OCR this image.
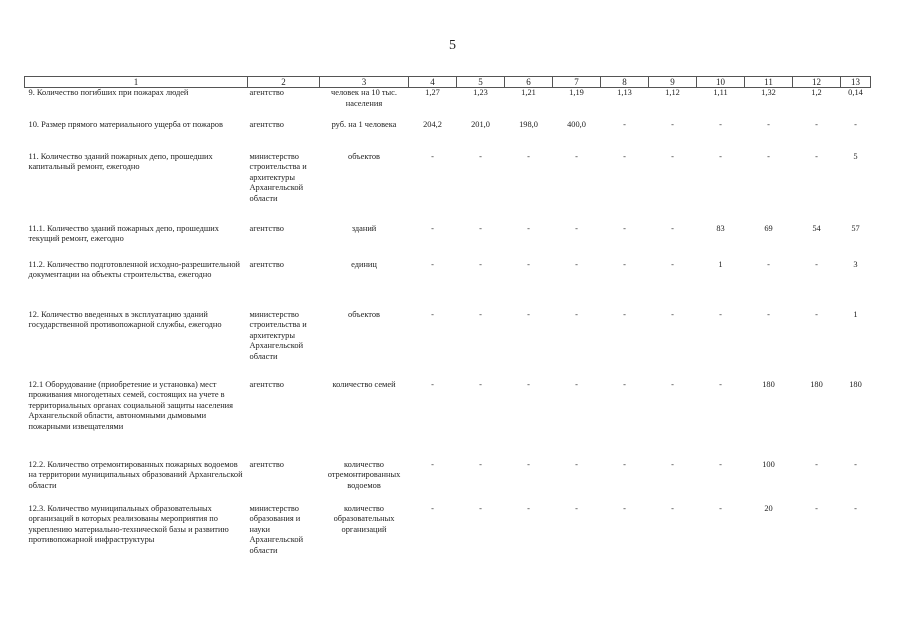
5
1	2	3	4	5	6	7	8	9	10	11	12	13
9. Количество погибших при пожарах людей	агентство	человек на 10 тыс. населения	1,27	1,23	1,21	1,19	1,13	1,12	1,11	1,32	1,2	0,14
10. Размер прямого материального ущерба от пожаров	агентство	руб. на 1 человека	204,2	201,0	198,0	400,0	-	-	-	-	-	-
11. Количество зданий пожарных депо, прошедших капитальный ремонт, ежегодно	министерство строительства и архитектуры Архангельской области	объектов	-	-	-	-	-	-	-	-	-	5
11.1. Количество зданий пожарных депо, прошедших текущий ремонт, ежегодно	агентство	зданий	-	-	-	-	-	-	83	69	54	57
11.2. Количество подготовленной исходно-разрешительной документации на объекты строительства, ежегодно	агентство	единиц	-	-	-	-	-	-	1	-	-	3
12. Количество введенных в эксплуатацию зданий государственной противопожарной службы, ежегодно	министерство строительства и архитектуры Архангельской области	объектов	-	-	-	-	-	-	-	-	-	1
12.1 Оборудование (приобретение и установка) мест проживания многодетных семей, состоящих на учете в территориальных органах социальной защиты населения Архангельской области, автономными дымовыми пожарными извещателями	агентство	количество семей	-	-	-	-	-	-	-	180	180	180
12.2. Количество отремонтированных пожарных водоемов на территории муниципальных образований Архангельской области	агентство	количество отремонтированных водоемов	-	-	-	-	-	-	-	100	-	-
12.3. Количество муниципальных образовательных организаций в которых реализованы мероприятия по укреплению материально-технической базы и развитию противопожарной инфраструктуры	министерство образования и науки Архангельской области	количество образовательных организаций	-	-	-	-	-	-	-	20	-	-
